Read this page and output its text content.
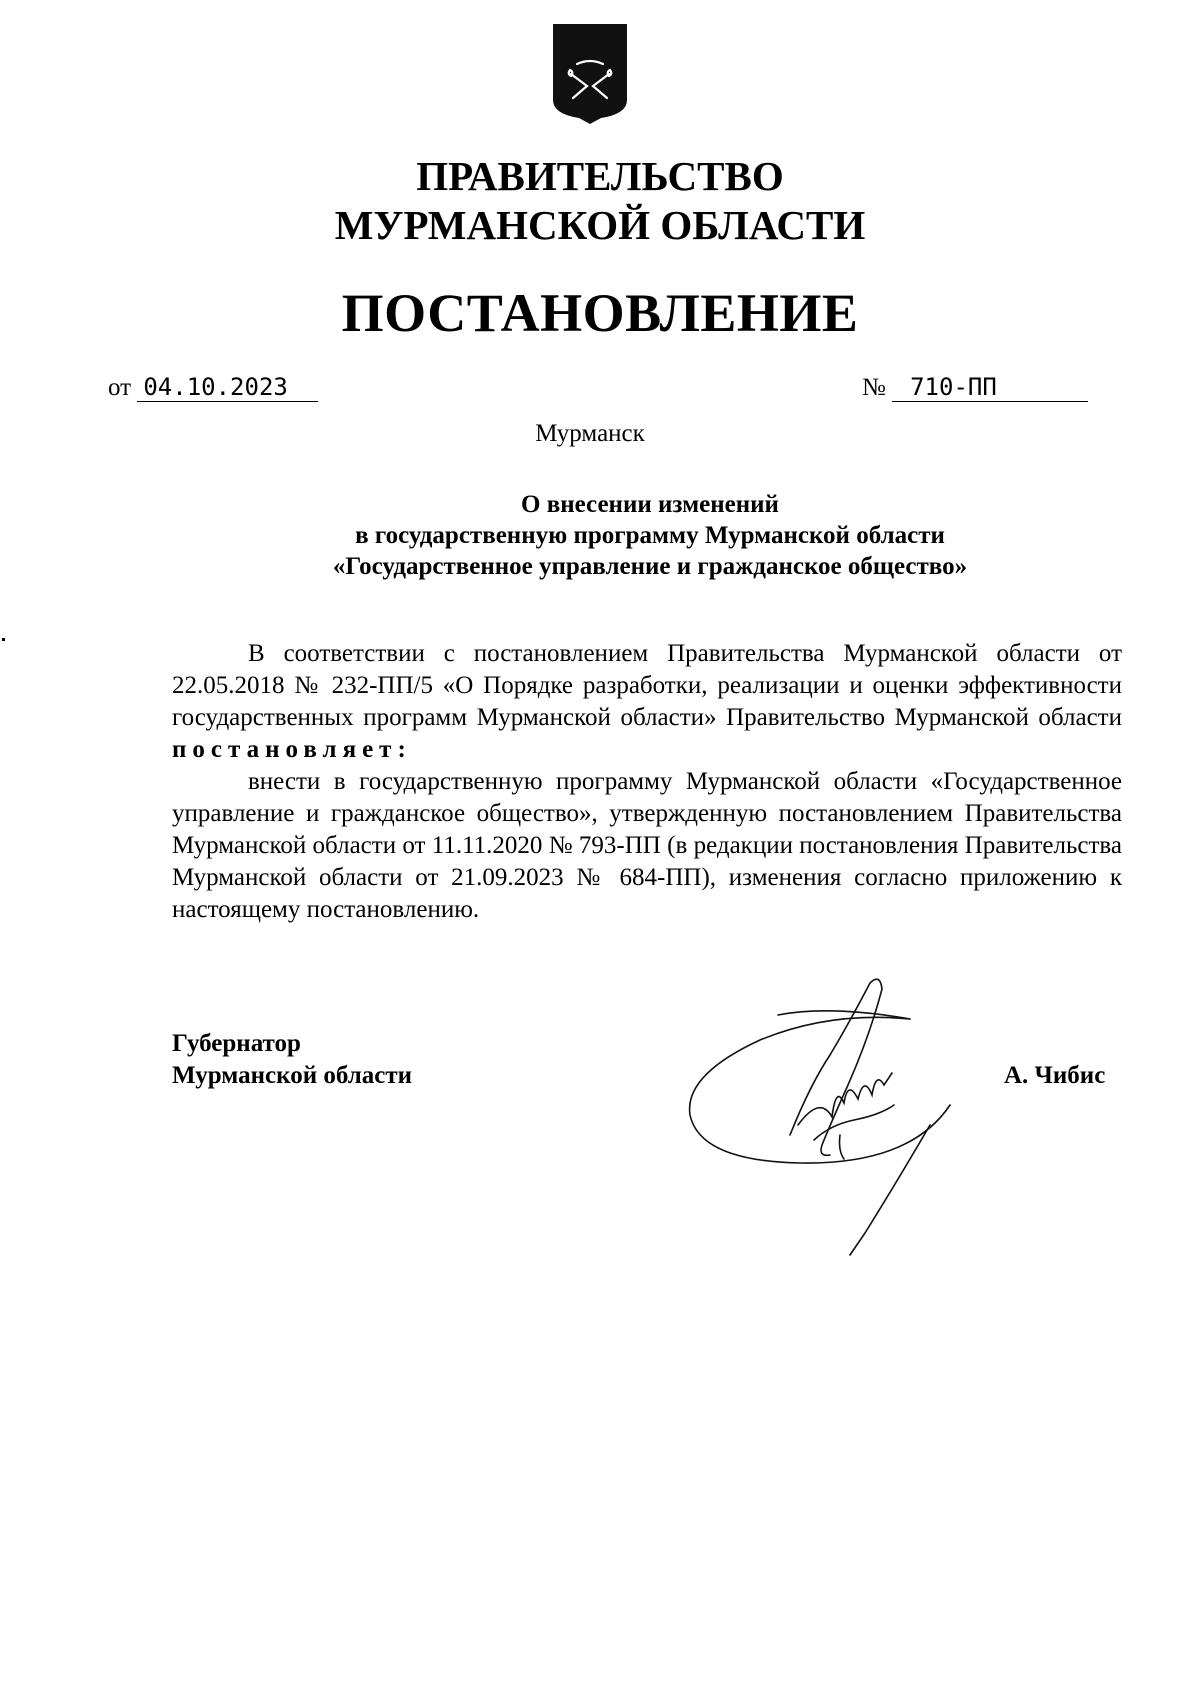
ПРАВИТЕЛЬСТВО
МУРМАНСКОЙ ОБЛАСТИ
ПОСТАНОВЛЕНИЕ
от 04.10.2023	№ 710-ПП
Мурманск
О внесении изменений
в государственную программу Мурманской области
«Государственное управление и гражданское общество»

В соответствии с постановлением Правительства Мурманской области от 22.05.2018 № 232-ПП/5 «О Порядке разработки, реализации и оценки эффективности государственных программ Мурманской области» Правительство Мурманской области постановляет:

внести в государственную программу Мурманской области «Государственное управление и гражданское общество», утвержденную постановлением Правительства Мурманской области от 11.11.2020 № 793-ПП (в редакции постановления Правительства Мурманской области от 21.09.2023 № 684-ПП), изменения согласно приложению к настоящему постановлению.

Губернатор
Мурманской области	А. Чибис
